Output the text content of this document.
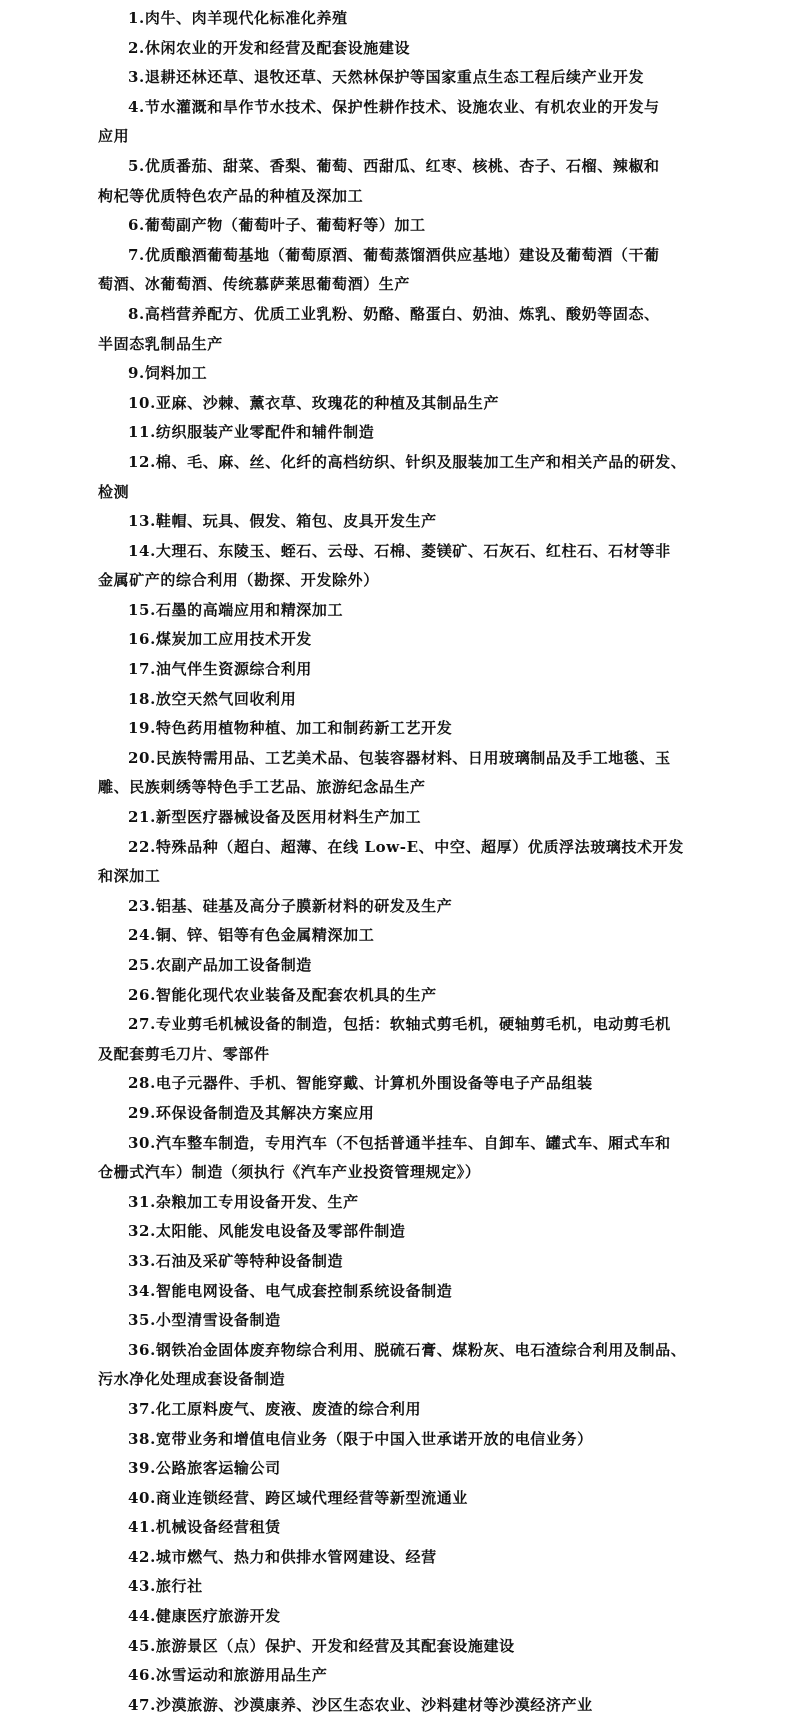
1.肉牛、肉羊现代化标准化养殖

2.休闲农业的开发和经营及配套设施建设

3.退耕还林还草、退牧还草、天然林保护等国家重点生态工程后续产业开发

4.节水灌溉和旱作节水技术、保护性耕作技术、设施农业、有机农业的开发与

应用

5.优质番茄、甜菜、香梨、葡萄、西甜瓜、红枣、核桃、杏子、石榴、辣椒和

枸杞等优质特色农产品的种植及深加工

6.葡萄副产物（葡萄叶子、葡萄籽等）加工

7.优质酿酒葡萄基地（葡萄原酒、葡萄蒸馏酒供应基地）建设及葡萄酒（干葡

萄酒、冰葡萄酒、传统慕萨莱思葡萄酒）生产

8.高档营养配方、优质工业乳粉、奶酪、酪蛋白、奶油、炼乳、酸奶等固态、

半固态乳制品生产

9.饲料加工

10.亚麻、沙棘、薰衣草、玫瑰花的种植及其制品生产

11.纺织服装产业零配件和辅件制造

12.棉、毛、麻、丝、化纤的高档纺织、针织及服装加工生产和相关产品的研发、

检测

13.鞋帽、玩具、假发、箱包、皮具开发生产

14.大理石、东陵玉、蛭石、云母、石棉、菱镁矿、石灰石、红柱石、石材等非

金属矿产的综合利用（勘探、开发除外）

15.石墨的高端应用和精深加工

16.煤炭加工应用技术开发

17.油气伴生资源综合利用

18.放空天然气回收利用

19.特色药用植物种植、加工和制药新工艺开发

20.民族特需用品、工艺美术品、包装容器材料、日用玻璃制品及手工地毯、玉

雕、民族刺绣等特色手工艺品、旅游纪念品生产

21.新型医疗器械设备及医用材料生产加工

22.特殊品种（超白、超薄、在线 Low-E、中空、超厚）优质浮法玻璃技术开发

和深加工

23.铝基、硅基及高分子膜新材料的研发及生产

24.铜、锌、铝等有色金属精深加工

25.农副产品加工设备制造

26.智能化现代农业装备及配套农机具的生产

27.专业剪毛机械设备的制造，包括：软轴式剪毛机，硬轴剪毛机，电动剪毛机

及配套剪毛刀片、零部件

28.电子元器件、手机、智能穿戴、计算机外围设备等电子产品组装

29.环保设备制造及其解决方案应用

30.汽车整车制造，专用汽车（不包括普通半挂车、自卸车、罐式车、厢式车和

仓栅式汽车）制造（须执行《汽车产业投资管理规定》）

31.杂粮加工专用设备开发、生产

32.太阳能、风能发电设备及零部件制造

33.石油及采矿等特种设备制造

34.智能电网设备、电气成套控制系统设备制造

35.小型清雪设备制造

36.钢铁冶金固体废弃物综合利用、脱硫石膏、煤粉灰、电石渣综合利用及制品、

污水净化处理成套设备制造

37.化工原料废气、废液、废渣的综合利用

38.宽带业务和增值电信业务（限于中国入世承诺开放的电信业务）

39.公路旅客运输公司

40.商业连锁经营、跨区域代理经营等新型流通业

41.机械设备经营租赁

42.城市燃气、热力和供排水管网建设、经营

43.旅行社

44.健康医疗旅游开发

45.旅游景区（点）保护、开发和经营及其配套设施建设

46.冰雪运动和旅游用品生产

47.沙漠旅游、沙漠康养、沙区生态农业、沙料建材等沙漠经济产业
